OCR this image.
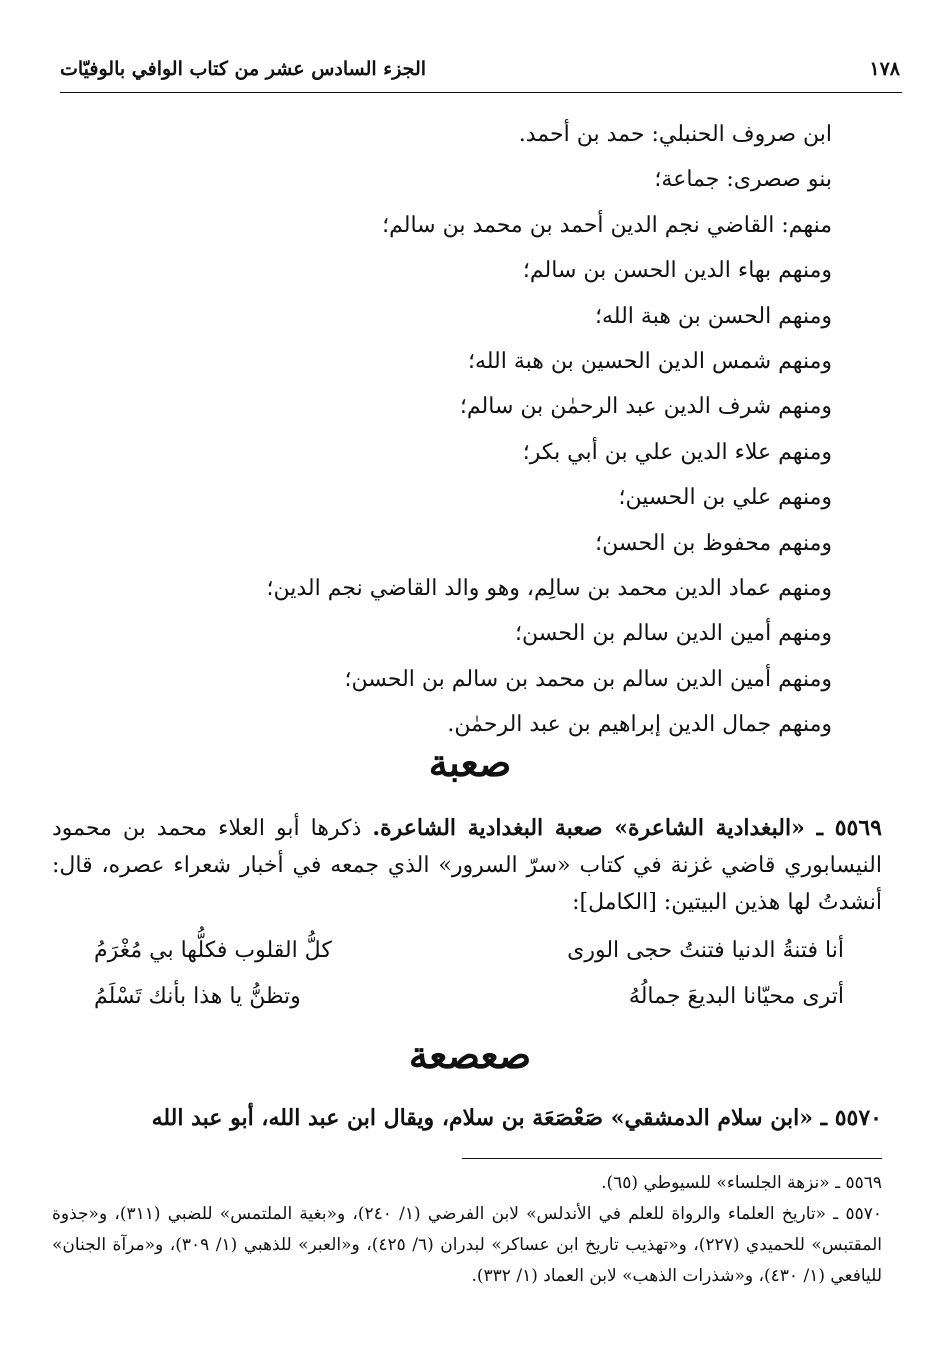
١٧٨
الجزء السادس عشر من كتاب الوافي بالوفيّات
ابن صروف الحنبلي: حمد بن أحمد.
بنو صصرى: جماعة؛
منهم: القاضي نجم الدين أحمد بن محمد بن سالم؛
ومنهم بهاء الدين الحسن بن سالم؛
ومنهم الحسن بن هبة الله؛
ومنهم شمس الدين الحسين بن هبة الله؛
ومنهم شرف الدين عبد الرحمٰن بن سالم؛
ومنهم علاء الدين علي بن أبي بكر؛
ومنهم علي بن الحسين؛
ومنهم محفوظ بن الحسن؛
ومنهم عماد الدين محمد بن سالِم، وهو والد القاضي نجم الدين؛
ومنهم أمين الدين سالم بن الحسن؛
ومنهم أمين الدين سالم بن محمد بن سالم بن الحسن؛
ومنهم جمال الدين إبراهيم بن عبد الرحمٰن.
صعبة

٥٥٦٩ ـ «البغدادية الشاعرة» صعبة البغدادية الشاعرة. ذكرها أبو العلاء محمد بن محمود النيسابوري قاضي غزنة في كتاب «سرّ السرور» الذي جمعه في أخبار شعراء عصره، قال: أنشدتُ لها هذين البيتين: [الكامل]:

أنا فتنةُ الدنيا فتنتُ حجى الورى
كلُّ القلوب فكلُّها بي مُغْرَمُ
أترى محيّانا البديعَ جمالُهُ
وتظنُّ يا هذا بأنك تَسْلَمُ
صعصعة

٥٥٧٠ ـ «ابن سلام الدمشقي» صَعْصَعَة بن سلام، ويقال ابن عبد الله، أبو عبد الله

٥٥٦٩ ـ «نزهة الجلساء» للسيوطي (٦٥).
٥٥٧٠ ـ «تاريخ العلماء والرواة للعلم في الأندلس» لابن الفرضي (١/ ٢٤٠)، و«بغية الملتمس» للضبي (٣١١)، و«جذوة المقتبس» للحميدي (٢٢٧)، و«تهذيب تاريخ ابن عساكر» لبدران (٦/ ٤٢٥)، و«العبر» للذهبي (١/ ٣٠٩)، و«مرآة الجنان» لليافعي (١/ ٤٣٠)، و«شذرات الذهب» لابن العماد (١/ ٣٣٢).
